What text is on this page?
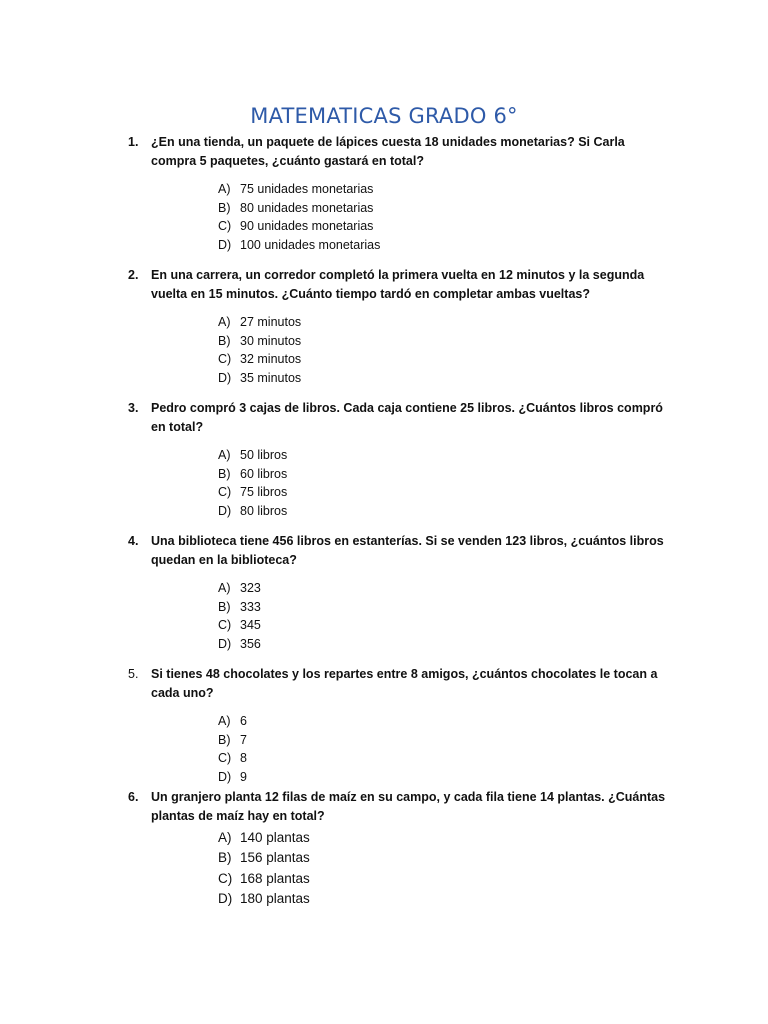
MATEMATICAS GRADO 6°
1. ¿En una tienda, un paquete de lápices cuesta 18 unidades monetarias? Si Carla compra 5 paquetes, ¿cuánto gastará en total?
A) 75 unidades monetarias
B) 80 unidades monetarias
C) 90 unidades monetarias
D) 100 unidades monetarias
2. En una carrera, un corredor completó la primera vuelta en 12 minutos y la segunda vuelta en 15 minutos. ¿Cuánto tiempo tardó en completar ambas vueltas?
A) 27 minutos
B) 30 minutos
C) 32 minutos
D) 35 minutos
3. Pedro compró 3 cajas de libros. Cada caja contiene 25 libros. ¿Cuántos libros compró en total?
A) 50 libros
B) 60 libros
C) 75 libros
D) 80 libros
4. Una biblioteca tiene 456 libros en estanterías. Si se venden 123 libros, ¿cuántos libros quedan en la biblioteca?
A) 323
B) 333
C) 345
D) 356
5. Si tienes 48 chocolates y los repartes entre 8 amigos, ¿cuántos chocolates le tocan a cada uno?
A) 6
B) 7
C) 8
D) 9
6. Un granjero planta 12 filas de maíz en su campo, y cada fila tiene 14 plantas. ¿Cuántas plantas de maíz hay en total?
A) 140 plantas
B) 156 plantas
C) 168 plantas
D) 180 plantas
